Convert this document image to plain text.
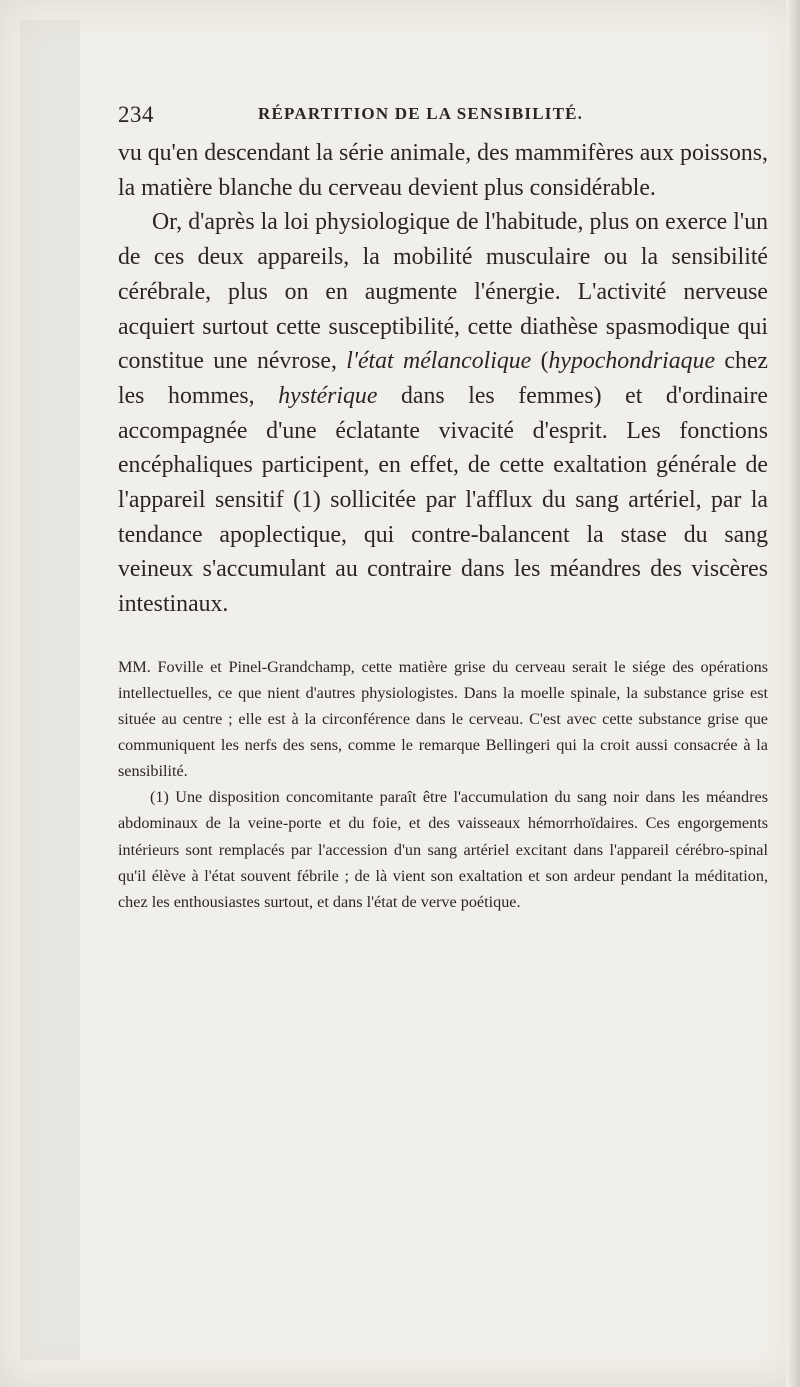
234	RÉPARTITION DE LA SENSIBILITÉ.

vu qu'en descendant la série animale, des mammifères aux poissons, la matière blanche du cerveau devient plus considérable.

Or, d'après la loi physiologique de l'habitude, plus on exerce l'un de ces deux appareils, la mobilité musculaire ou la sensibilité cérébrale, plus on en augmente l'énergie. L'activité nerveuse acquiert surtout cette susceptibilité, cette diathèse spasmodique qui constitue une névrose, l'état mélancolique (hypochondriaque chez les hommes, hystérique dans les femmes) et d'ordinaire accompagnée d'une éclatante vivacité d'esprit. Les fonctions encéphaliques participent, en effet, de cette exaltation générale de l'appareil sensitif (1) sollicitée par l'afflux du sang artériel, par la tendance apoplectique, qui contre-balancent la stase du sang veineux s'accumulant au contraire dans les méandres des viscères intestinaux.

MM. Foville et Pinel-Grandchamp, cette matière grise du cerveau serait le siége des opérations intellectuelles, ce que nient d'autres physiologistes. Dans la moelle spinale, la substance grise est située au centre ; elle est à la circonférence dans le cerveau. C'est avec cette substance grise que communiquent les nerfs des sens, comme le remarque Bellingeri qui la croit aussi consacrée à la sensibilité.

(1) Une disposition concomitante paraît être l'accumulation du sang noir dans les méandres abdominaux de la veine-porte et du foie, et des vaisseaux hémorrhoïdaires. Ces engorgements intérieurs sont remplacés par l'accession d'un sang artériel excitant dans l'appareil cérébro-spinal qu'il élève à l'état souvent fébrile ; de là vient son exaltation et son ardeur pendant la méditation, chez les enthousiastes surtout, et dans l'état de verve poétique.
